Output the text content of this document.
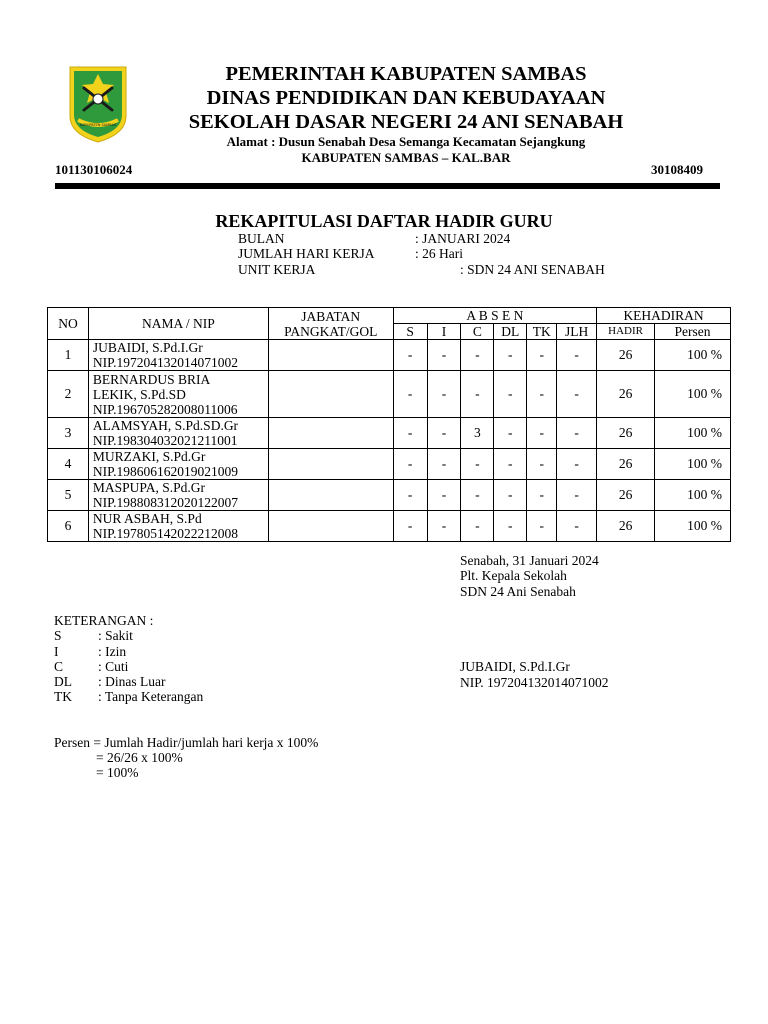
KABUPATEN SAMBAS
PEMERINTAH KABUPATEN SAMBAS
DINAS PENDIDIKAN DAN KEBUDAYAAN
SEKOLAH DASAR NEGERI 24 ANI SENABAH
Alamat : Dusun Senabah Desa Semanga Kecamatan Sejangkung
KABUPATEN SAMBAS – KAL.BAR
101130106024	30108409
REKAPITULASI DAFTAR HADIR GURU
BULAN	: JANUARI 2024
JUMLAH HARI KERJA	: 26 Hari
UNIT KERJA	: SDN 24 ANI SENABAH
NO	NAMA / NIP	JABATAN
PANGKAT/GOL	A B S E N						KEHADIRAN	
			S	I	C	DL	TK	JLH	HADIR	Persen
1	JUBAIDI, S.Pd.I.Gr
NIP.197204132014071002		-	-	-	-	-	-	26	100 %
2	BERNARDUS BRIA
LEKIK, S.Pd.SD
NIP.196705282008011006		-	-	-	-	-	-	26	100 %
3	ALAMSYAH, S.Pd.SD.Gr
NIP.198304032021211001		-	-	3	-	-	-	26	100 %
4	MURZAKI, S.Pd.Gr
NIP.198606162019021009		-	-	-	-	-	-	26	100 %
5	MASPUPA, S.Pd.Gr
NIP.198808312020122007		-	-	-	-	-	-	26	100 %
6	NUR ASBAH, S.Pd
NIP.197805142022212008		-	-	-	-	-	-	26	100 %
Senabah, 31 Januari 2024
Plt. Kepala Sekolah
SDN 24 Ani Senabah
JUBAIDI, S.Pd.I.Gr
NIP. 197204132014071002
KETERANGAN :
S	: Sakit
I	: Izin
C	: Cuti
DL : Dinas Luar
TK : Tanpa Keterangan
Persen = Jumlah Hadir/jumlah hari kerja x 100%
= 26/26 x 100%
= 100%
